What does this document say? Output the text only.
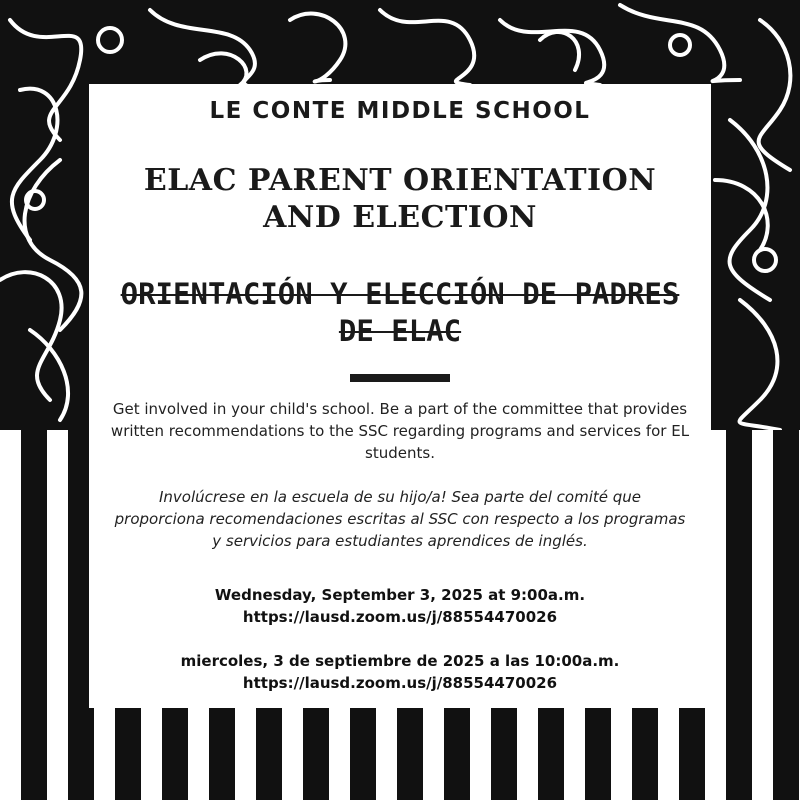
LE CONTE MIDDLE SCHOOL
ELAC PARENT ORIENTATION
AND ELECTION
ORIENTACIÓN Y ELECCIÓN DE PADRES
DE ELAC
Get involved in your child's school. Be a part of the committee that provides written recommendations to the SSC regarding programs and services for EL students.
Involúcrese en la escuela de su hijo/a! Sea parte del comité que proporciona recomendaciones escritas al SSC con respecto a los programas y servicios para estudiantes aprendices de inglés.
Wednesday, September 3, 2025 at 9:00a.m.
https://lausd.zoom.us/j/88554470026
miercoles, 3 de septiembre de 2025 a las 10:00a.m.
https://lausd.zoom.us/j/88554470026
